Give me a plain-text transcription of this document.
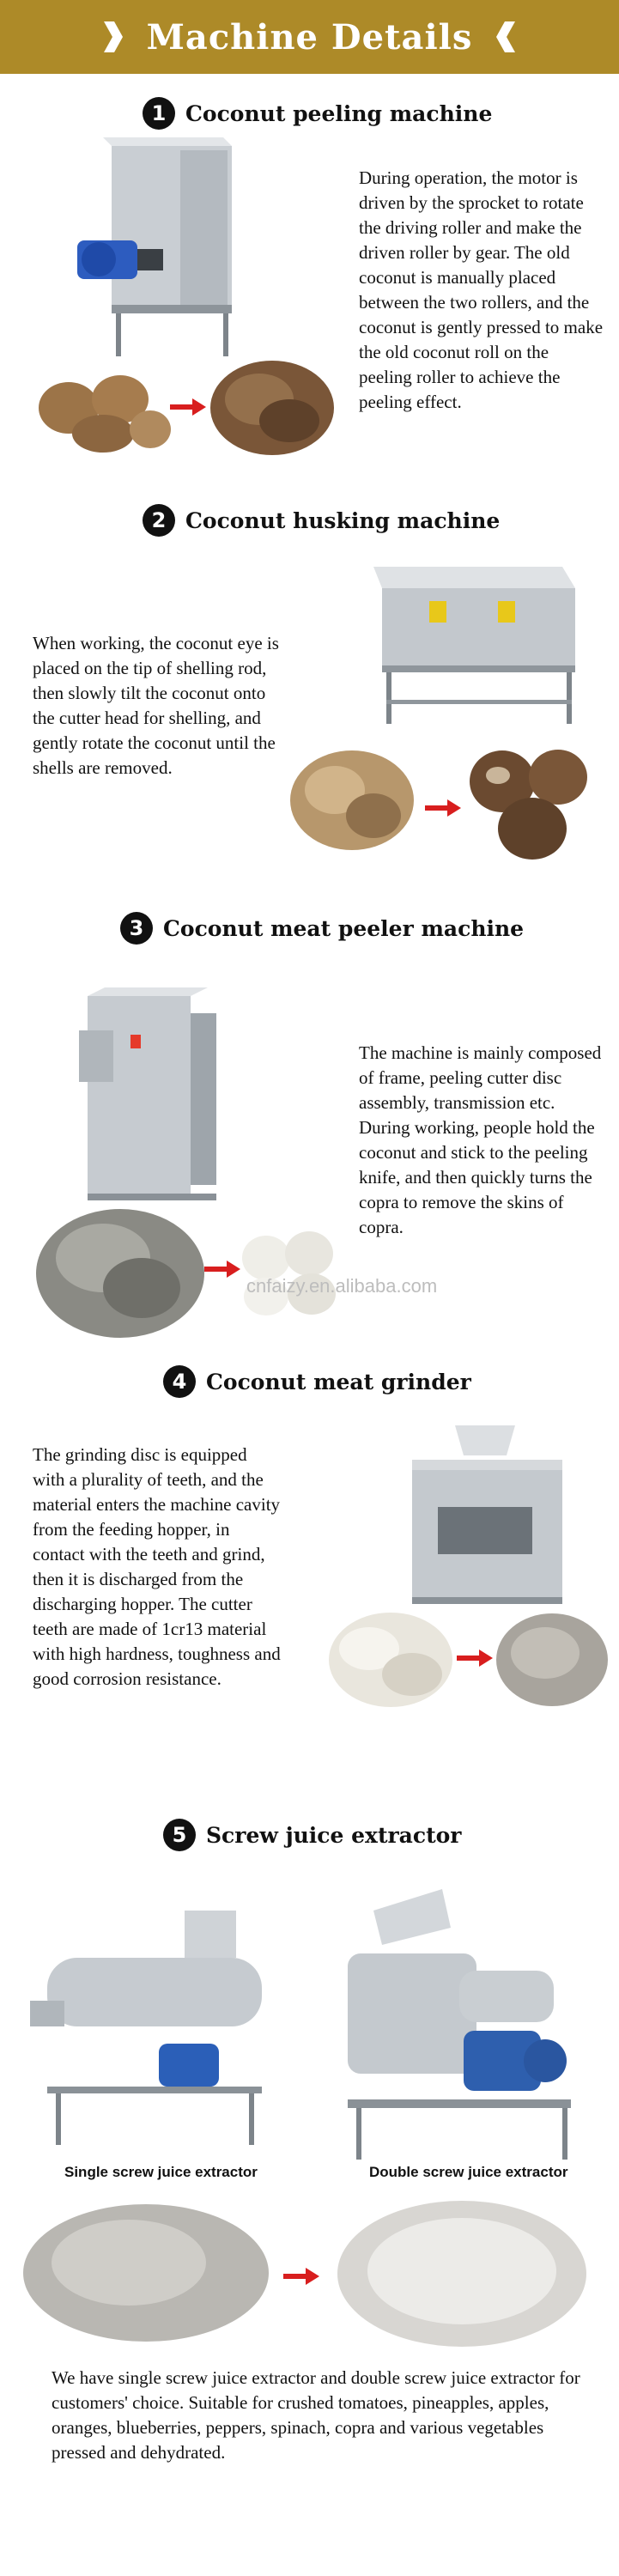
Machine Details
1 Coconut peeling machine

During operation, the motor is driven by the sprocket to rotate the driving roller and make the driven roller by gear. The old coconut is manually placed between the two rollers, and the coconut is gently pressed to make the old coconut roll on the peeling roller to achieve the peeling effect.

2 Coconut husking machine

When working, the coconut eye is placed on the tip of shelling rod, then slowly tilt the coconut onto the cutter head for shelling, and gently rotate the coconut until the shells are removed.

3 Coconut meat peeler machine
cnfaizy.en.alibaba.com

The machine is mainly composed of frame, peeling cutter disc assembly, transmission etc. During working, people hold the coconut and stick to the peeling knife, and then quickly turns the copra to remove the skins of copra.

4 Coconut meat grinder

The grinding disc is equipped with a plurality of teeth, and the material enters the machine cavity from the feeding hopper, in contact with the teeth and grind, then it is discharged from the discharging hopper. The cutter teeth are made of 1cr13 material with high hardness, toughness and good corrosion resistance.

5 Screw juice extractor
Single screw juice extractor	Double screw juice extractor

We have single screw juice extractor and double screw juice extractor for customers' choice. Suitable for crushed tomatoes, pineapples, apples, oranges, blueberries, peppers, spinach, copra and various vegetables pressed and dehydrated.
